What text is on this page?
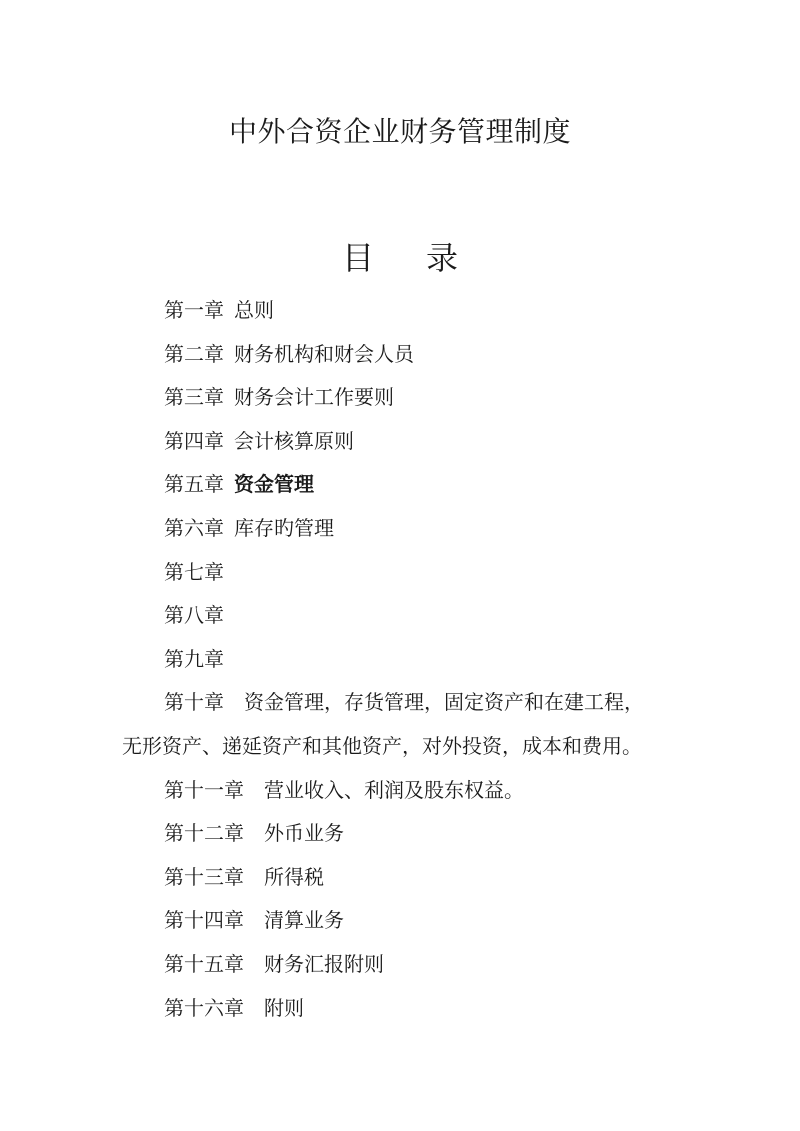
中外合资企业财务管理制度
目 录
第一章 总则
第二章 财务机构和财会人员
第三章 财务会计工作要则
第四章 会计核算原则
第五章 资金管理
第六章 库存旳管理
第七章
第八章
第九章
第十章 资金管理，存货管理，固定资产和在建工程，
无形资产、递延资产和其他资产，对外投资，成本和费用。
第十一章 营业收入、利润及股东权益。
第十二章 外币业务
第十三章 所得税
第十四章 清算业务
第十五章 财务汇报附则
第十六章 附则
